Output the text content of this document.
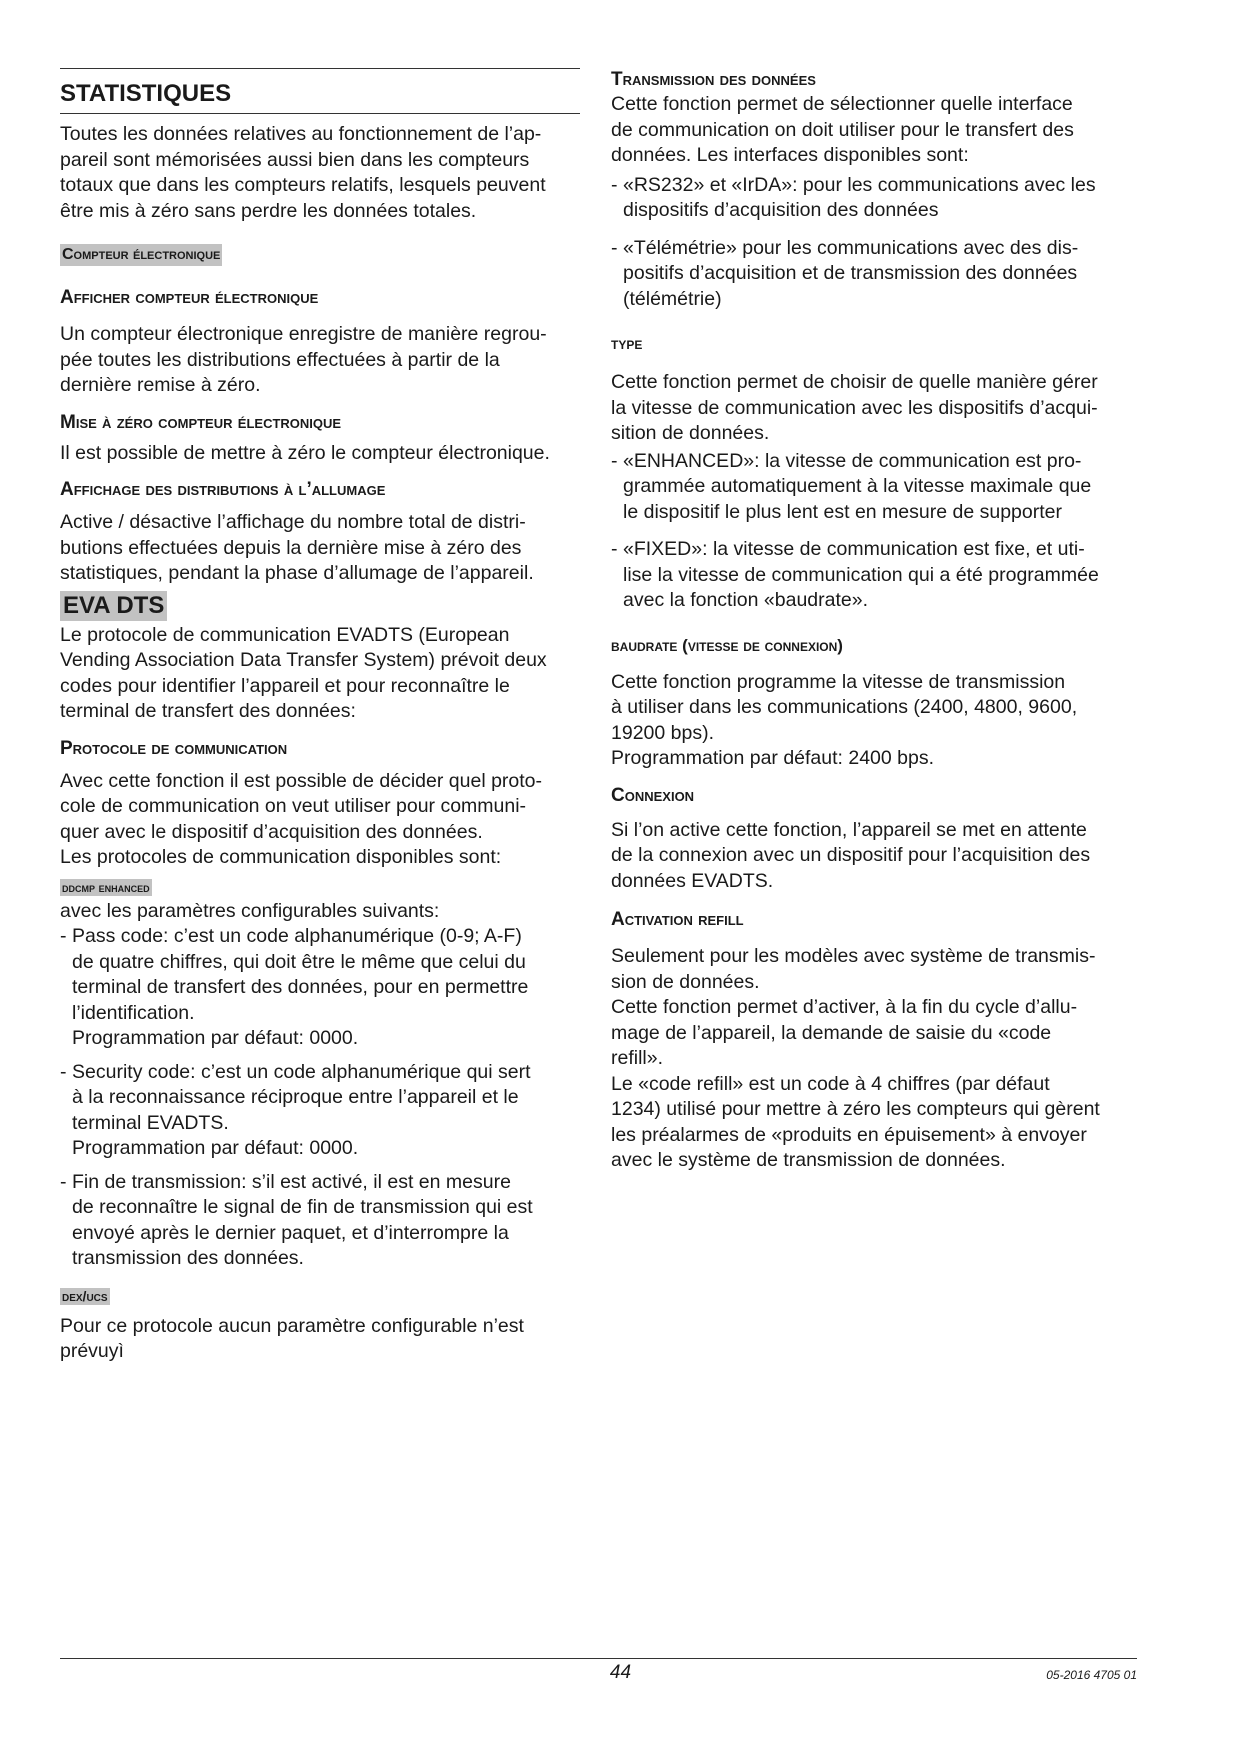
STATISTIQUES

Toutes les données relatives au fonctionnement de l’ap-
pareil sont mémorisées aussi bien dans les compteurs
totaux que dans les compteurs relatifs, lesquels peuvent
être mis à zéro sans perdre les données totales.

Compteur électronique

Afficher compteur électronique

Un compteur électronique enregistre de manière regrou-
pée toutes les distributions effectuées à partir de la
dernière remise à zéro.

Mise à zéro compteur électronique

Il est possible de mettre à zéro le compteur électronique.

Affichage des distributions à l’allumage

Active / désactive l’affichage du nombre total de distri-
butions effectuées depuis la dernière mise à zéro des
statistiques, pendant la phase d’allumage de l’appareil.

EVA DTS

Le protocole de communication EVADTS (European
Vending Association Data Transfer System) prévoit deux
codes pour identifier l’appareil et pour reconnaître le
terminal de transfert des données:

Protocole de communication

Avec cette fonction il est possible de décider quel proto-
cole de communication on veut utiliser pour communi-
quer avec le dispositif d’acquisition des données.
Les protocoles de communication disponibles sont:

ddcmp enhanced

avec les paramètres configurables suivants:

- Pass code: c’est un code alphanumérique (0-9; A-F)
de quatre chiffres, qui doit être le même que celui du
terminal de transfert des données, pour en permettre
l’identification.
Programmation par défaut: 0000.
- Security code: c’est un code alphanumérique qui sert
à la reconnaissance réciproque entre l’appareil et le
terminal EVADTS.
Programmation par défaut: 0000.
- Fin de transmission: s’il est activé, il est en mesure
de reconnaître le signal de fin de transmission qui est
envoyé après le dernier paquet, et d’interrompre la
transmission des données.
dex/ucs

Pour ce protocole aucun paramètre configurable n’est
prévuyì

Transmission des données

Cette fonction permet de sélectionner quelle interface
de communication on doit utiliser pour le transfert des
données. Les interfaces disponibles sont:

- «RS232» et «IrDA»: pour les communications avec les
dispositifs d’acquisition des données
- «Télémétrie» pour les communications avec des dis-
positifs d’acquisition et de transmission des données
(télémétrie)

type

Cette fonction permet de choisir de quelle manière gérer
la vitesse de communication avec les dispositifs d’acqui-
sition de données.

- «ENHANCED»: la vitesse de communication est pro-
grammée automatiquement à la vitesse maximale que
le dispositif le plus lent est en mesure de supporter
- «FIXED»: la vitesse de communication est fixe, et uti-
lise la vitesse de communication qui a été programmée
avec la fonction «baudrate».

baudrate (vitesse de connexion)

Cette fonction programme la vitesse de transmission
à utiliser dans les communications (2400, 4800, 9600,
19200 bps).
Programmation par défaut: 2400 bps.

Connexion

Si l’on active cette fonction, l’appareil se met en attente
de la connexion avec un dispositif pour l’acquisition des
données EVADTS.

Activation refill

Seulement pour les modèles avec système de transmis-
sion de données.
Cette fonction permet d’activer, à la fin du cycle d’allu-
mage de l’appareil, la demande de saisie du «code
refill».
Le «code refill» est un code à 4 chiffres (par défaut
1234) utilisé pour mettre à zéro les compteurs qui gèrent
les préalarmes de «produits en épuisement» à envoyer
avec le système de transmission de données.

44	05-2016 4705 01
